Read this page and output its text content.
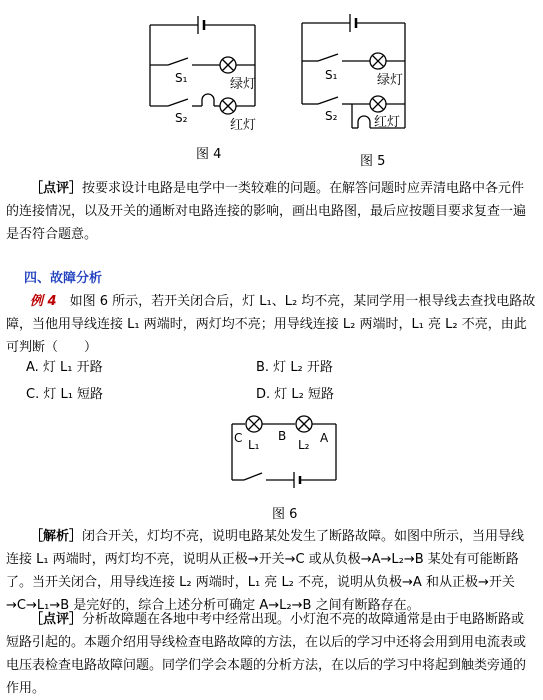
S₁
S₂
绿灯
红灯
图 4
S₁
S₂
绿灯
红灯
图 5
［点评］按要求设计电路是电学中一类较难的问题。在解答问题时应弄清电路中各元件的连接情况，以及开关的通断对电路连接的影响，画出电路图，最后应按题目要求复查一遍是否符合题意。
四、故障分析
例 4　 如图 6 所示，若开关闭合后，灯 L₁、L₂ 均不亮，某同学用一根导线去查找电路故障，当他用导线连接 L₁ 两端时，两灯均不亮；用导线连接 L₂ 两端时，L₁ 亮 L₂ 不亮，由此可判断（　　）
A. 灯 L₁ 开路	B. 灯 L₂ 开路
C. 灯 L₁ 短路	D. 灯 L₂ 短路
C	B	A
L₁	L₂
图 6
［解析］闭合开关，灯均不亮，说明电路某处发生了断路故障。如图中所示，当用导线连接 L₁ 两端时，两灯均不亮，说明从正极→开关→C 或从负极→A→L₂→B 某处有可能断路了。当开关闭合，用导线连接 L₂ 两端时，L₁ 亮 L₂ 不亮，说明从负极→A 和从正极→开关→C→L₁→B 是完好的，综合上述分析可确定 A→L₂→B 之间有断路存在。
［点评］分析故障题在各地中考中经常出现。小灯泡不亮的故障通常是由于电路断路或短路引起的。本题介绍用导线检查电路故障的方法，在以后的学习中还将会用到用电流表或电压表检查电路故障问题。同学们学会本题的分析方法，在以后的学习中将起到触类旁通的作用。
